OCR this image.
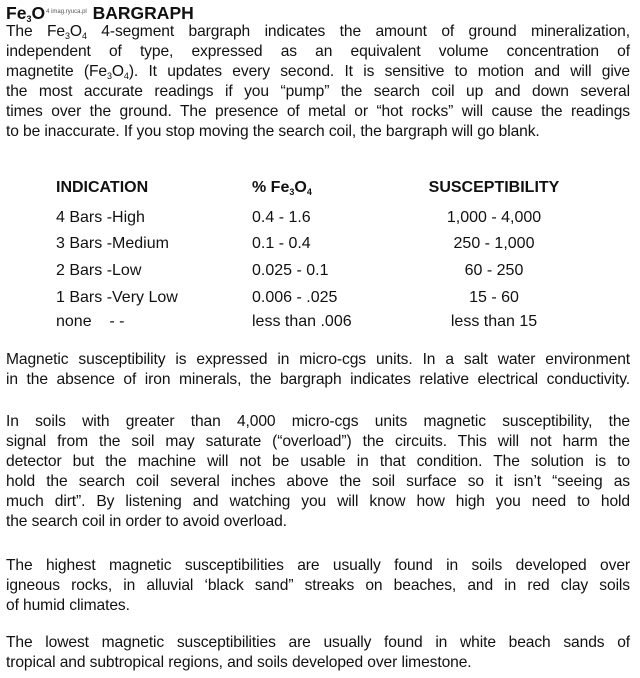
$Fe_3O^{4 imag.ryuca.pl}$ BARGRAPH
The $Fe_3O_4$ 4-segment bargraph indicates the amount of ground mineralization,
independent of type, expressed as an equivalent volume concentration of
magnetite $(Fe_3O_4)$. It updates every second. It is sensitive to motion and will give
the most accurate readings if you “pump” the search coil up and down several
times over the ground. The presence of metal or “hot rocks” will cause the readings
to be inaccurate. If you stop moving the search coil, the bargraph will go blank.
INDICATION	% $Fe_3O_4$	SUSCEPTIBILITY
4 Bars -High	0.4 - 1.6	1,000 - 4,000
3 Bars -Medium	0.1 - 0.4	250 - 1,000
2 Bars -Low	0.025 - 0.1	60 - 250
1 Bars -Very Low	0.006 - .025	15 - 60
none    - -	less than .006	less than 15
Magnetic susceptibility is expressed in micro-cgs units. In a salt water environment
in the absence of iron minerals, the bargraph indicates relative electrical conductivity.
In soils with greater than 4,000 micro-cgs units magnetic susceptibility, the
signal from the soil may saturate (“overload”) the circuits. This will not harm the
detector but the machine will not be usable in that condition. The solution is to
hold the search coil several inches above the soil surface so it isn’t “seeing as
much dirt”. By listening and watching you will know how high you need to hold
the search coil in order to avoid overload.
The highest magnetic susceptibilities are usually found in soils developed over
igneous rocks, in alluvial ‘black sand” streaks on beaches, and in red clay soils
of humid climates.
The lowest magnetic susceptibilities are usually found in white beach sands of
tropical and subtropical regions, and soils developed over limestone.
